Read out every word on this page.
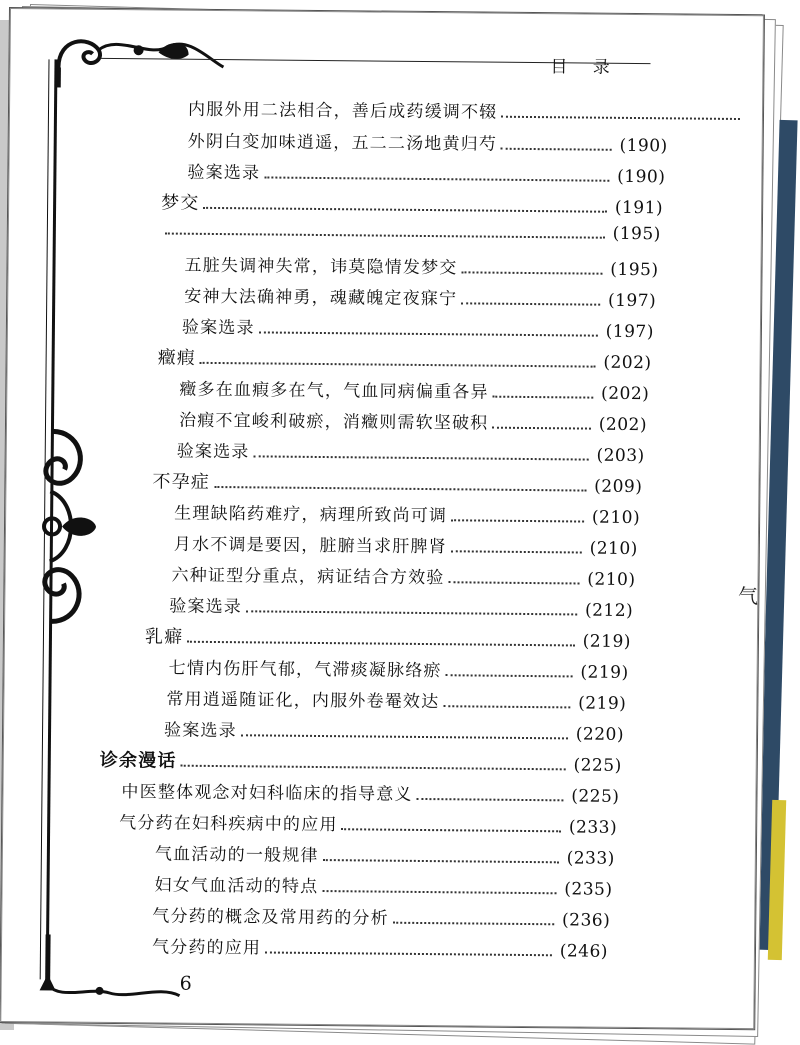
目 录
内服外用二法相合，善后成药缓调不辍
外阴白变加味逍遥，五二二汤地黄归芍	(190)
验案选录	(190)
梦交	(191)
(195)
五脏失调神失常，讳莫隐情发梦交	(195)
安神大法确神勇，魂藏魄定夜寐宁	(197)
验案选录	(197)
癥瘕	(202)
癥多在血瘕多在气，气血同病偏重各异	(202)
治瘕不宜峻利破瘀，消癥则需软坚破积	(202)
验案选录	(203)
不孕症	(209)
生理缺陷药难疗，病理所致尚可调	(210)
月水不调是要因，脏腑当求肝脾肾	(210)
六种证型分重点，病证结合方效验	(210)
验案选录	(212)
乳癖	(219)
七情内伤肝气郁，气滞痰凝脉络瘀	(219)
常用逍遥随证化，内服外卷罨效达	(219)
验案选录	(220)
诊余漫话	(225)
中医整体观念对妇科临床的指导意义	(225)
气分药在妇科疾病中的应用	(233)
气血活动的一般规律	(233)
妇女气血活动的特点	(235)
气分药的概念及常用药的分析	(236)
气分药的应用	(246)
6
气
